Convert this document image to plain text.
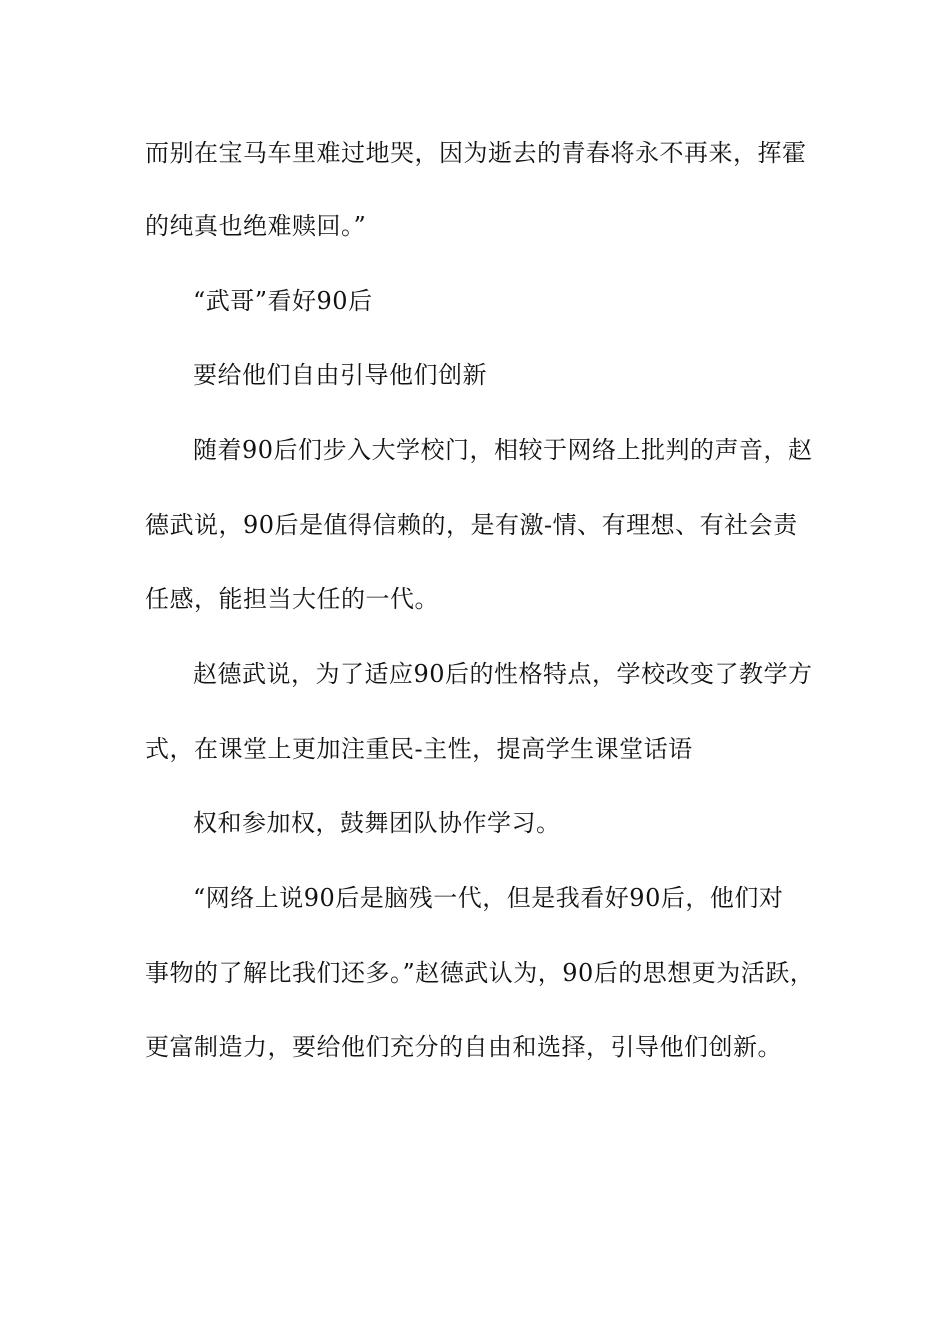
而别在宝马车里难过地哭，因为逝去的青春将永不再来，挥霍
的纯真也绝难赎回。”
“武哥”看好90后
要给他们自由引导他们创新
随着90后们步入大学校门，相较于网络上批判的声音，赵
德武说，90后是值得信赖的，是有激-情、有理想、有社会责
任感，能担当大任的一代。
赵德武说，为了适应90后的性格特点，学校改变了教学方
式，在课堂上更加注重民-主性，提高学生课堂话语
权和参加权，鼓舞团队协作学习。
“网络上说90后是脑残一代，但是我看好90后，他们对
事物的了解比我们还多。”赵德武认为，90后的思想更为活跃，
更富制造力，要给他们充分的自由和选择，引导他们创新。
